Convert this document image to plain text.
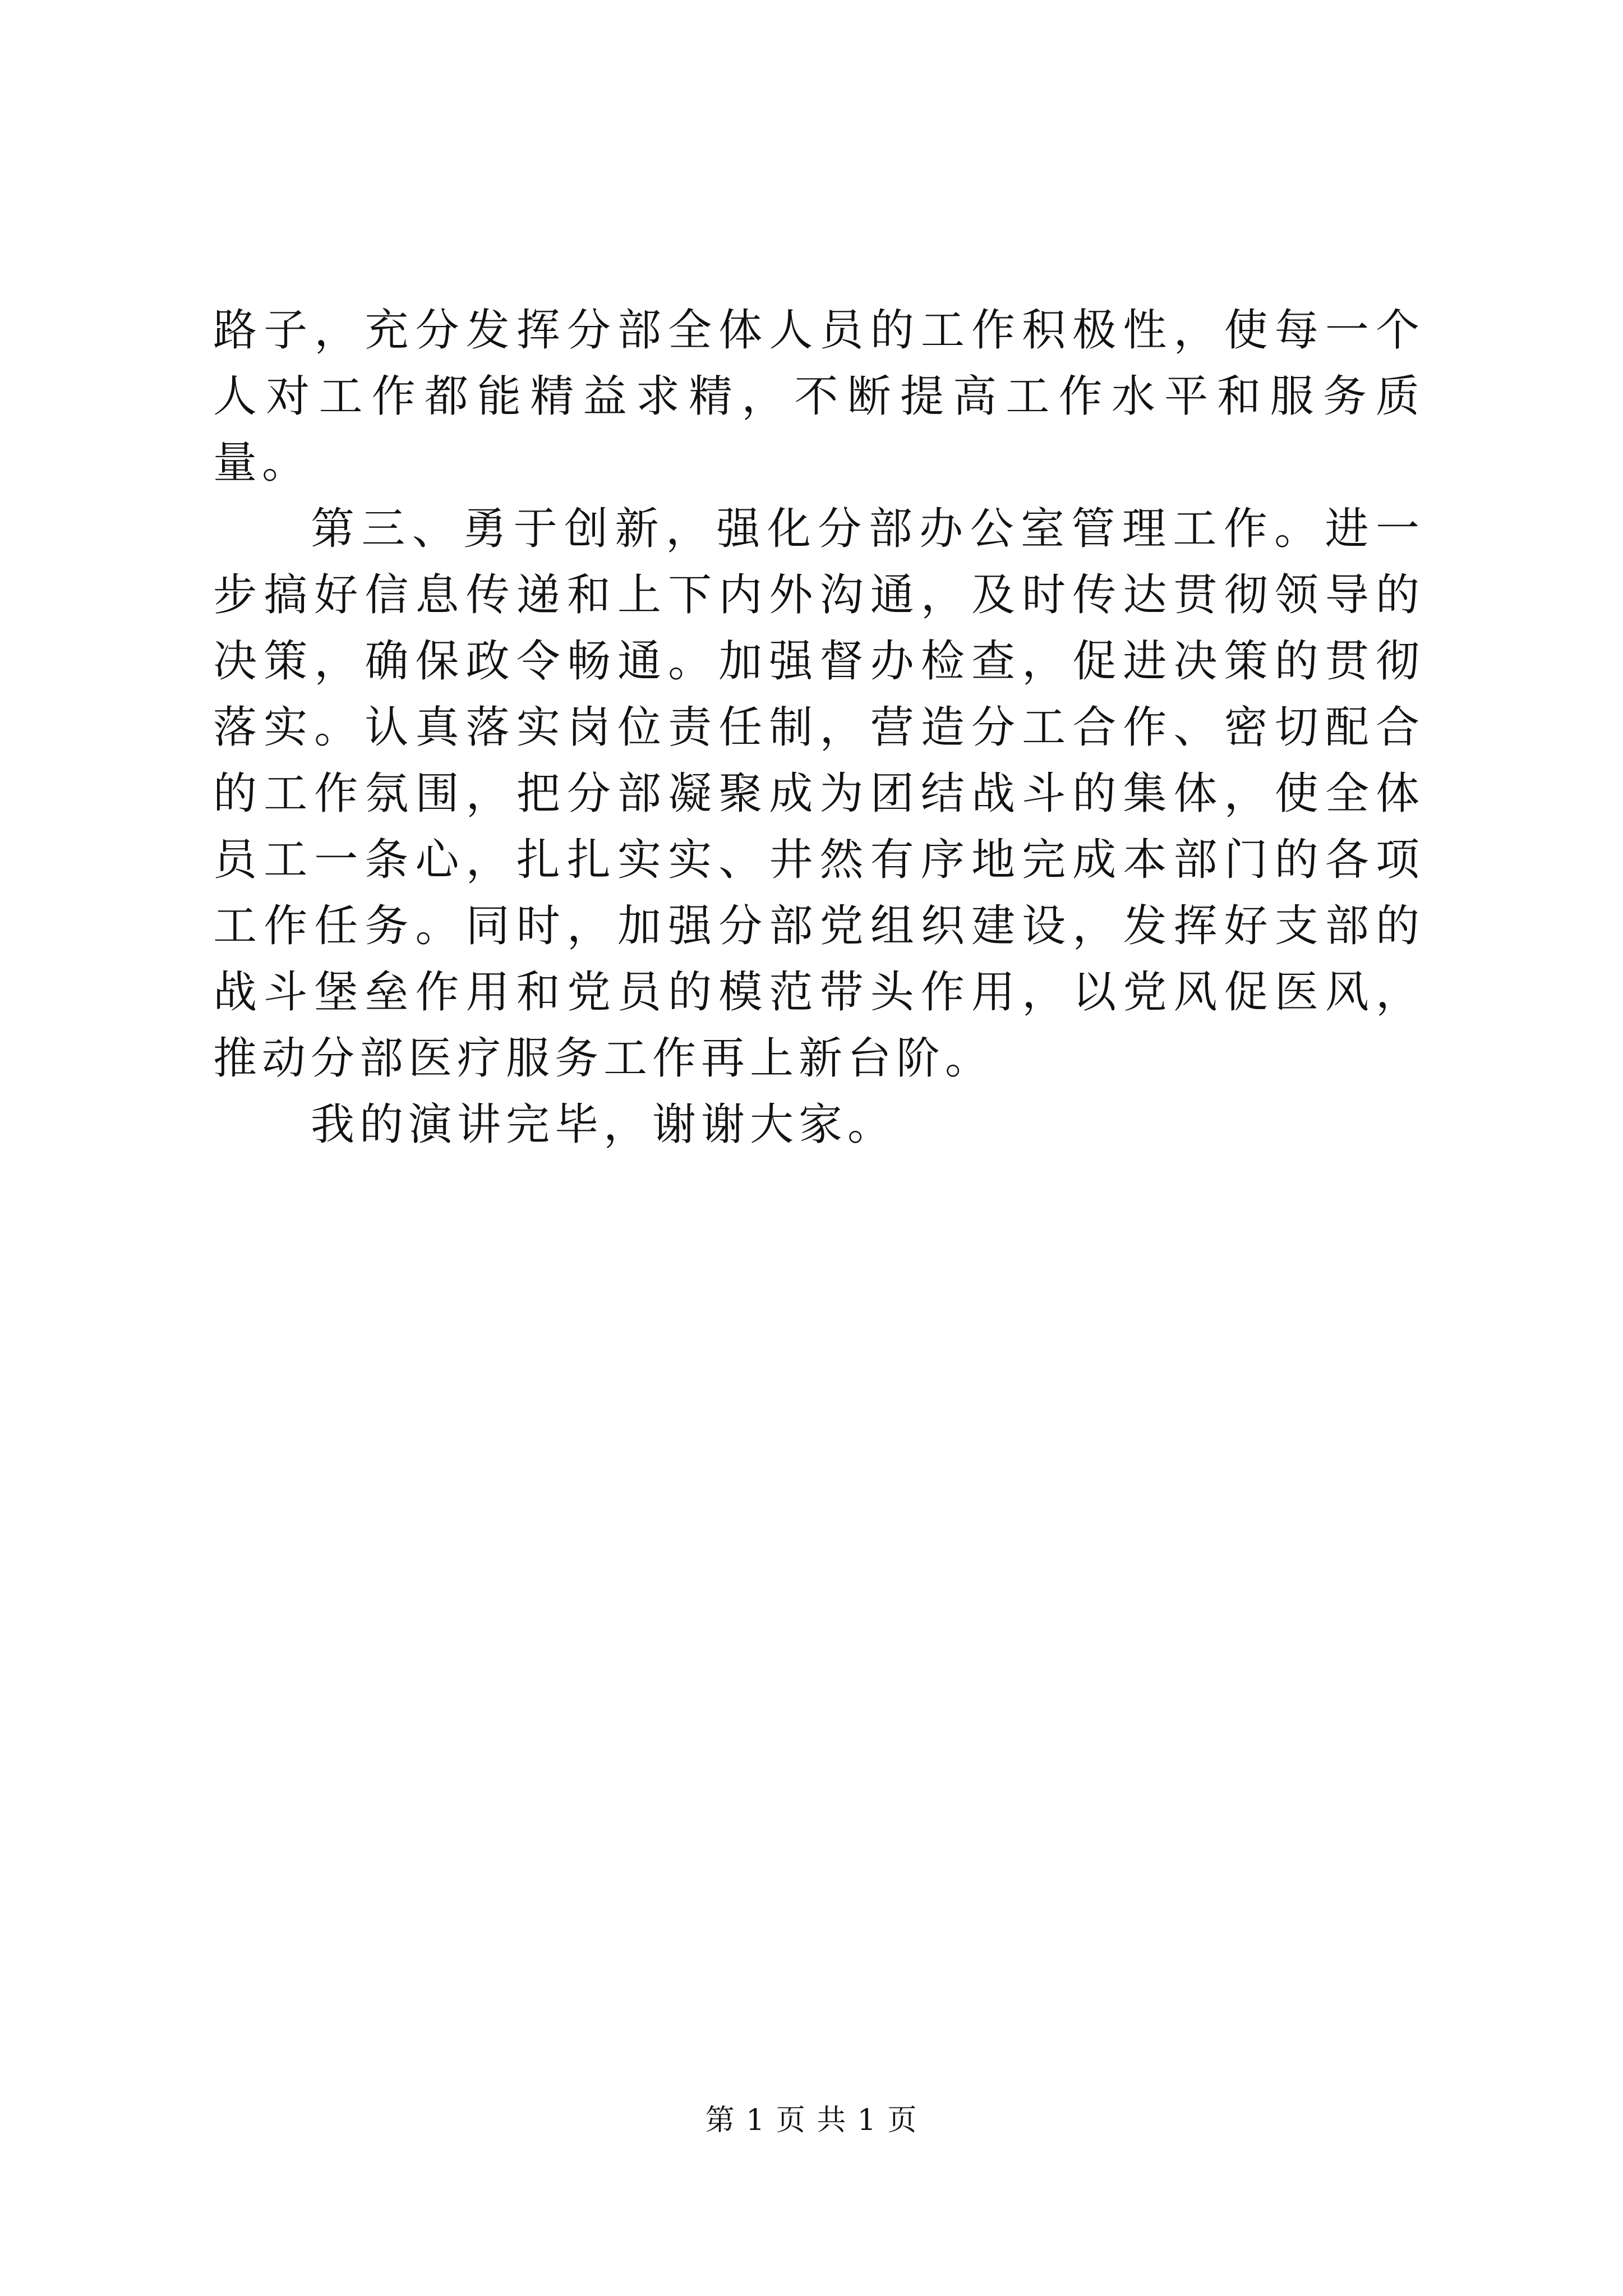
路子，充分发挥分部全体人员的工作积极性，使每一个人对工作都能精益求精，不断提高工作水平和服务质量。

第三、勇于创新，强化分部办公室管理工作。进一步搞好信息传递和上下内外沟通，及时传达贯彻领导的决策，确保政令畅通。加强督办检查，促进决策的贯彻落实。认真落实岗位责任制，营造分工合作、密切配合的工作氛围，把分部凝聚成为团结战斗的集体，使全体员工一条心，扎扎实实、井然有序地完成本部门的各项工作任务。同时，加强分部党组织建设，发挥好支部的战斗堡垒作用和党员的模范带头作用，以党风促医风，推动分部医疗服务工作再上新台阶。

我的演讲完毕，谢谢大家。

第 1 页 共 1 页
